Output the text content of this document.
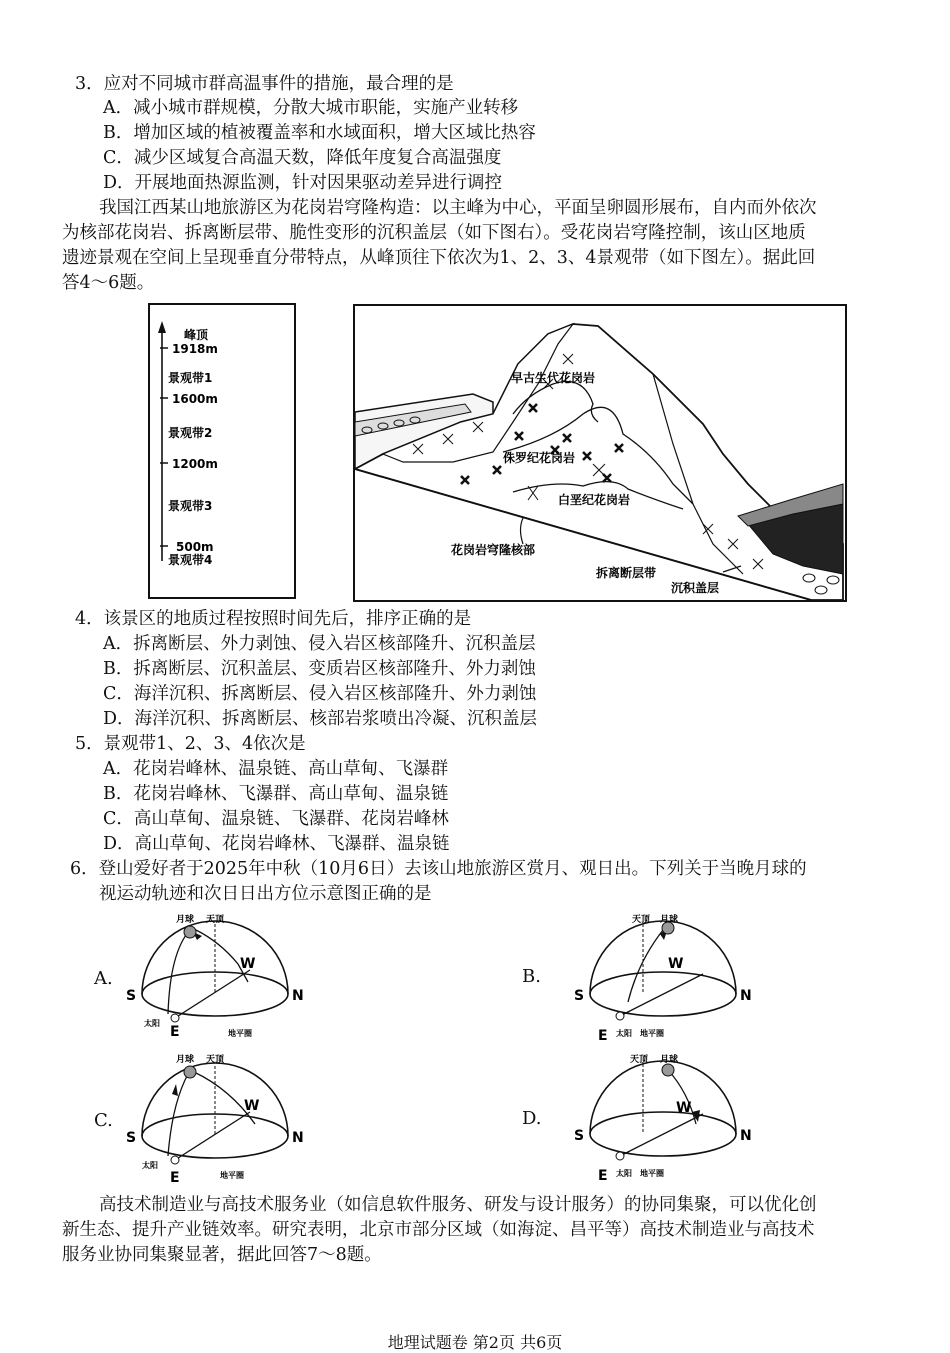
3．应对不同城市群高温事件的措施，最合理的是
A．减小城市群规模，分散大城市职能，实施产业转移
B．增加区域的植被覆盖率和水域面积，增大区域比热容
C．减少区域复合高温天数，降低年度复合高温强度
D．开展地面热源监测，针对因果驱动差异进行调控
我国江西某山地旅游区为花岗岩穹隆构造：以主峰为中心，平面呈卵圆形展布，自内而外依次
为核部花岗岩、拆离断层带、脆性变形的沉积盖层（如下图右）。受花岗岩穹隆控制，该山区地质
遗迹景观在空间上呈现垂直分带特点，从峰顶往下依次为1、2、3、4景观带（如下图左）。据此回
答4～6题。
峰顶
1918m
景观带1
1600m
景观带2
1200m
景观带3
500m
景观带4
早古生代花岗岩
侏罗纪花岗岩
白垩纪花岗岩
花岗岩穹隆核部
拆离断层带
沉积盖层
4．该景区的地质过程按照时间先后，排序正确的是
A．拆离断层、外力剥蚀、侵入岩区核部隆升、沉积盖层
B．拆离断层、沉积盖层、变质岩区核部隆升、外力剥蚀
C．海洋沉积、拆离断层、侵入岩区核部隆升、外力剥蚀
D．海洋沉积、拆离断层、核部岩浆喷出冷凝、沉积盖层
5．景观带1、2、3、4依次是
A．花岗岩峰林、温泉链、高山草甸、飞瀑群
B．花岗岩峰林、飞瀑群、高山草甸、温泉链
C．高山草甸、温泉链、飞瀑群、花岗岩峰林
D．高山草甸、花岗岩峰林、飞瀑群、温泉链
6．登山爱好者于2025年中秋（10月6日）去该山地旅游区赏月、观日出。下列关于当晚月球的
视运动轨迹和次日日出方位示意图正确的是
A.	B.
C.	D.
月球 天顶
S	N
E
W
太阳
地平圈
天顶 月球
S	N
E
W
太阳 地平圈
月球 天顶
S	N
E
W
太阳
地平圈
天顶 月球
S	N
E
W
太阳 地平圈
高技术制造业与高技术服务业（如信息软件服务、研发与设计服务）的协同集聚，可以优化创
新生态、提升产业链效率。研究表明，北京市部分区域（如海淀、昌平等）高技术制造业与高技术
服务业协同集聚显著，据此回答7～8题。
地理试题卷 第2页 共6页
